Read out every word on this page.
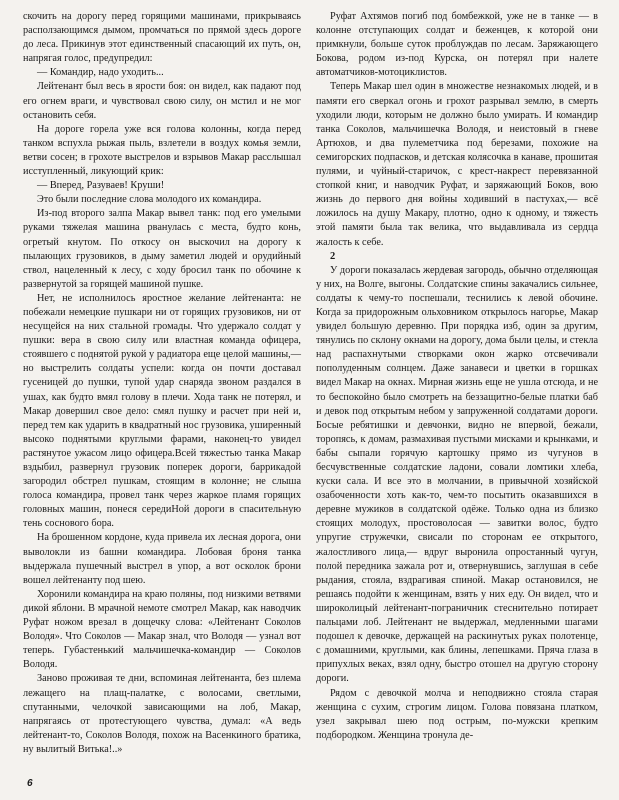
скочить на дорогу перед горящими машинами, прикрываясь расползающимся дымом, промчаться по прямой здесь дороге до леса. Прикинув этот единственный спасающий их путь, он, напрягая голос, предупредил:

— Командир, надо уходить...

Лейтенант был весь в ярости боя: он видел, как падают под его огнем враги, и чувствовал свою силу, он мстил и не мог остановить себя.

На дороге горела уже вся голова колонны, когда перед танком вспухла рыжая пыль, взлетели в воздух комья земли, ветви сосен; в грохоте выстрелов и взрывов Макар расслышал исступленный, ликующий крик:

— Вперед, Разуваев! Круши!

Это были последние слова молодого их командира.

Из-под второго залпа Макар вывел танк: под его умелыми руками тяжелая машина рванулась с места, будто конь, огретый кнутом. По откосу он выскочил на дорогу к пылающих грузовиков, в дыму заметил людей и орудийный ствол, нацеленный к лесу, с ходу бросил танк по обочине к развернутой за горящей машиной пушке.

Нет, не исполнилось яростное желание лейтенанта: не побежали немецкие пушкари ни от горящих грузовиков, ни от несущейся на них стальной громады. Что удержало солдат у пушки: вера в свою силу или властная команда офицера, стоявшего с поднятой рукой у радиатора еще целой машины,— но выстрелить солдаты успели: когда он почти доставал гусеницей до пушки, тупой удар снаряда звоном раздался в ушах, как будто вмял голову в плечи. Хода танк не потерял, и Макар довершил свое дело: смял пушку и расчет при ней и, перед тем как ударить в квадратный нос грузовика, уширенный высоко поднятыми круглыми фарами, наконец-то увидел растянутое ужасом лицо офицера.Всей тяжестью танка Макар вздыбил, развернул грузовик поперек дороги, баррикадой загородил обстрел пушкам, стоящим в колонне; не слыша голоса командира, провел танк через жаркое пламя горящих головных машин, понеся середиНой дороги в спасительную тень соснового бора.

На брошенном кордоне, куда привела их лесная дорога, они выволокли из башни командира. Лобовая броня танка выдержала пушечный выстрел в упор, а вот осколок брони вошел лейтенанту под шею.

Хоронили командира на краю поляны, под низкими ветвями дикой яблони. В мрачной немоте смотрел Макар, как наводчик Руфат ножом врезал в дощечку слова: «Лейтенант Соколов Володя». Что Соколов — Макар знал, что Володя — узнал вот теперь. Губастенький мальчишечка-командир — Соколов Володя.

Заново проживая те дни, вспоминая лейтенанта, без шлема лежащего на плащ-палатке, с волосами, светлыми, спутанными, челочкой зависающими на лоб, Макар, напрягаясь от протестующего чувства, думал: «А ведь лейтенант-то, Соколов Володя, похож на Васенкиного братика, ну вылитый Витька!..»

Руфат Ахтямов погиб под бомбежкой, уже не в танке — в колонне отступающих солдат и беженцев, к которой они примкнули, больше суток проблуждав по лесам. Заряжающего Бокова, родом из-под Курска, он потерял при налете автоматчиков-мотоциклистов.

Теперь Макар шел один в множестве незнакомых людей, и в памяти его сверкал огонь и грохот разрывал землю, в смерть уходили люди, которым не должно было умирать. И командир танка Соколов, мальчишечка Володя, и неистовый в гневе Артюхов, и два пулеметчика под березами, похожие на семигорских подпасков, и детская колясочка в канаве, прошитая пулями, и чуйный-старичок, с крест-накрест перевязанной стопкой книг, и наводчик Руфат, и заряжающий Боков, вою жизнь до первого дня войны ходивший в пастухах,— всё ложилось на душу Макару, плотно, одно к одному, и тяжесть этой памяти была так велика, что выдавливала из сердца жалость к себе.

2

У дороги показалась жердевая загородь, обычно отделяющая у них, на Волге, выгоны. Солдатские спины закачались сильнее, солдаты к чему-то поспешали, теснились к левой обочине. Когда за придорожным ольховником открылось нагорье, Макар увидел большую деревню. При порядка изб, один за другим, тянулись по склону окнами на дорогу, дома были целы, и стекла над распахнутыми створками окон жарко отсвечивали пополуденным солнцем. Даже занавеси и цветки в горшках видел Макар на окнах. Мирная жизнь еще не ушла отсюда, и не то беспокойно было смотреть на беззащитно-белые платки баб и девок под открытым небом у запруженной солдатами дороги. Босые ребятишки и девчонки, видно не впервой, бежали, торопясь, к домам, размахивая пустыми мисками и крынками, и бабы сыпали горячую картошку прямо из чугунов в бесчувственные солдатские ладони, совали ломтики хлеба, куски сала. И все это в молчании, в привычной хозяйской озабоченности хоть как-то, чем-то посытить оказавшихся в деревне мужиков в солдатской одёже. Только одна из близко стоящих молодух, простоволосая — завитки волос, будто упругие стружечки, свисали по сторонам ее открытого, жалостливого лица,— вдруг выронила опростанный чугун, полой передника зажала рот и, отвернувшись, заглушая в себе рыдания, стояла, вздрагивая спиной. Макар остановился, не решаясь подойти к женщинам, взять у них еду. Он видел, что и широколицый лейтенант-пограничник стеснительно потирает пальцами лоб. Лейтенант не выдержал, медленными шагами подошел к девочке, держащей на раскинутых руках полотенце, с домашними, круглыми, как блины, лепешками. Пряча глаза в припухлых веках, взял одну, быстро отошел на другую сторону дороги.

Рядом с девочкой молча и неподвижно стояла старая женщина с сухим, строгим лицом. Голова повязана платком, узел закрывал шею под острым, по-мужски крепким подбородком. Женщина тронула де-

6
